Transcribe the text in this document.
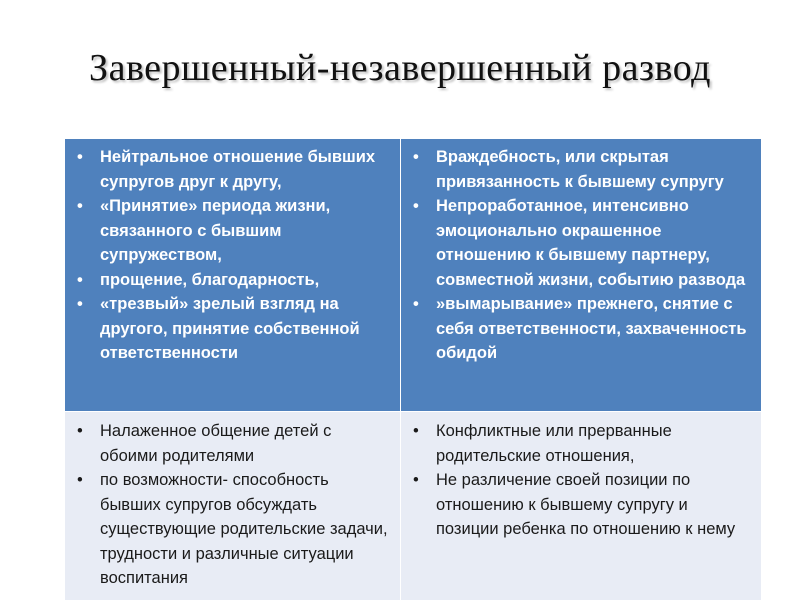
Завершенный-незавершенный развод
• Нейтральное отношение бывших супругов друг к другу,
• «Принятие» периода жизни, связанного с бывшим супружеством,
• прощение, благодарность,
• «трезвый» зрелый взгляд на другого, принятие собственной ответственности
• Враждебность, или скрытая привязанность к бывшему супругу
• Непроработанное, интенсивно эмоционально окрашенное отношению к бывшему партнеру, совместной жизни, событию развода
• »вымарывание» прежнего, снятие с себя ответственности, захваченность обидой
• Налаженное общение детей с обоими родителями
• по возможности- способность бывших супругов обсуждать существующие родительские задачи, трудности и различные ситуации воспитания
• Конфликтные или прерванные родительские отношения,
• Не различение своей позиции по отношению к бывшему супругу и позиции ребенка по отношению к нему
